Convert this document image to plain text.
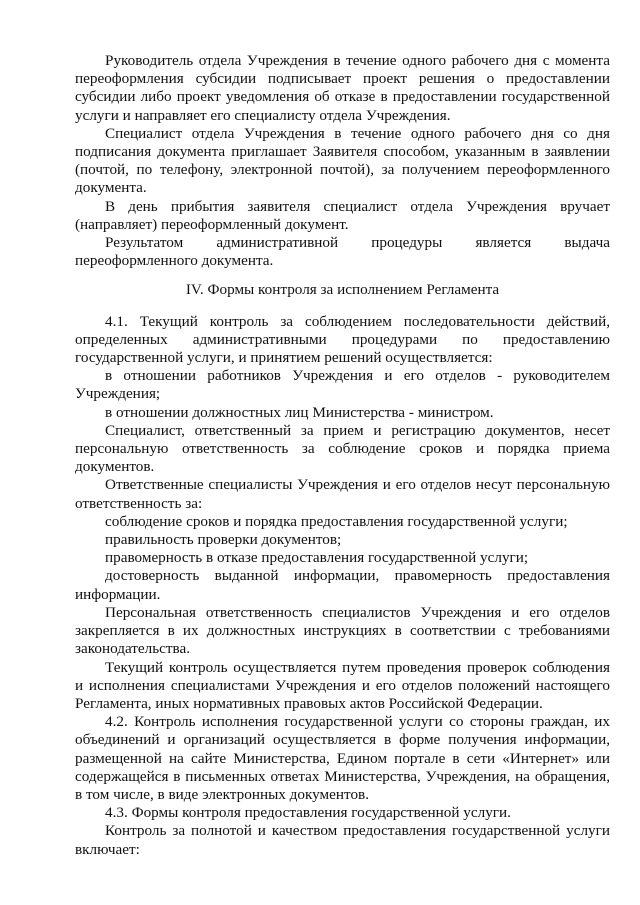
Руководитель отдела Учреждения в течение одного рабочего дня с момента переоформления субсидии подписывает проект решения о предоставлении субсидии либо проект уведомления об отказе в предоставлении государственной услуги и направляет его специалисту отдела Учреждения.

Специалист отдела Учреждения в течение одного рабочего дня со дня подписания документа приглашает Заявителя способом, указанным в заявлении (почтой, по телефону, электронной почтой), за получением переоформленного документа.

В день прибытия заявителя специалист отдела Учреждения вручает (направляет) переоформленный документ.

Результатом административной процедуры является выдача переоформленного документа.

IV. Формы контроля за исполнением Регламента

4.1. Текущий контроль за соблюдением последовательности действий, определенных административными процедурами по предоставлению государственной услуги, и принятием решений осуществляется:

в отношении работников Учреждения и его отделов - руководителем Учреждения;

в отношении должностных лиц Министерства - министром.

Специалист, ответственный за прием и регистрацию документов, несет персональную ответственность за соблюдение сроков и порядка приема документов.

Ответственные специалисты Учреждения и его отделов несут персональную ответственность за:

соблюдение сроков и порядка предоставления государственной услуги;

правильность проверки документов;

правомерность в отказе предоставления государственной услуги;

достоверность выданной информации, правомерность предоставления информации.

Персональная ответственность специалистов Учреждения и его отделов закрепляется в их должностных инструкциях в соответствии с требованиями законодательства.

Текущий контроль осуществляется путем проведения проверок соблюдения и исполнения специалистами Учреждения и его отделов положений настоящего Регламента, иных нормативных правовых актов Российской Федерации.

4.2. Контроль исполнения государственной услуги со стороны граждан, их объединений и организаций осуществляется в форме получения информации, размещенной на сайте Министерства, Едином портале в сети «Интернет» или содержащейся в письменных ответах Министерства, Учреждения, на обращения, в том числе, в виде электронных документов.

4.3. Формы контроля предоставления государственной услуги.

Контроль за полнотой и качеством предоставления государственной услуги включает:
